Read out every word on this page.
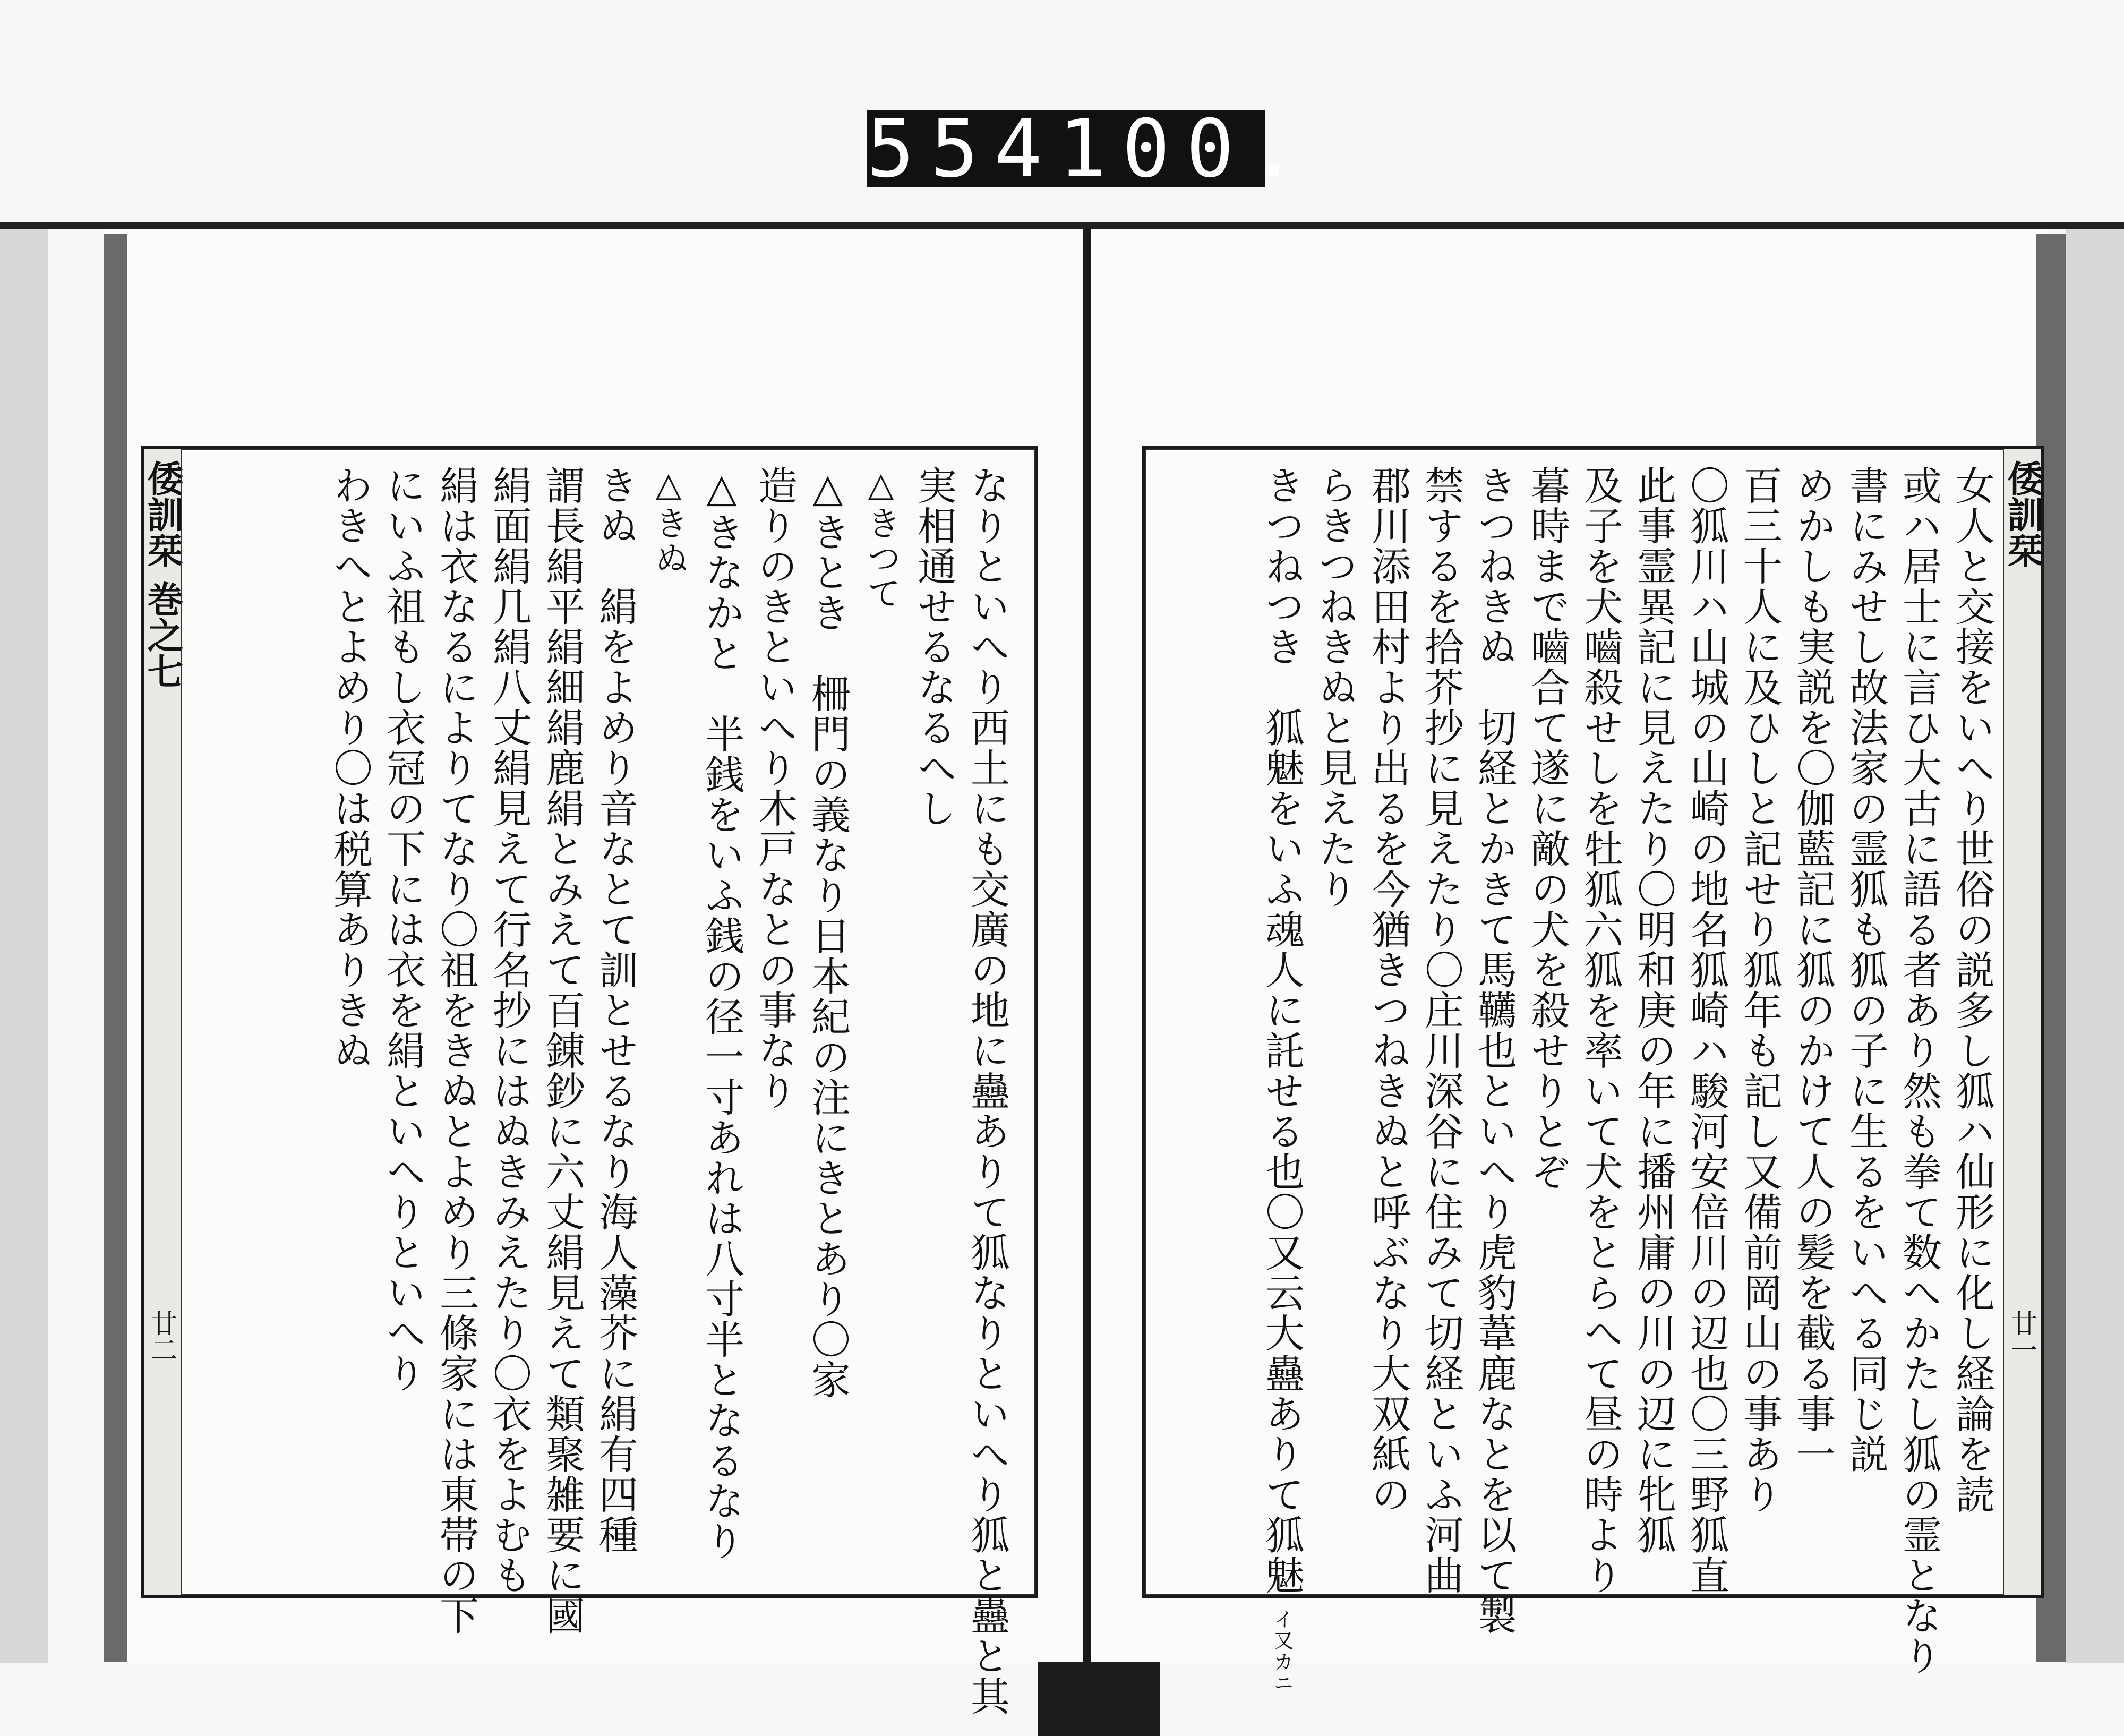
554 100.
倭訓栞 巻之七
廿二	なりといへり西土にも交廣の地に蠱ありて狐なりといへり狐と蠱と其
実相通せるなるへし
△きつて
△きとき　柵門の義なり日本紀の注にきとあり〇家
造りのきといへり木戸なとの事なり
△きなかと　半銭をいふ銭の径一寸あれは八寸半となるなり
△きぬ
きぬ　絹をよめり音なとて訓とせるなり海人藻芥に絹有四種
謂長絹平絹細絹鹿絹とみえて百錬鈔に六丈絹見えて類聚雑要に國
絹面絹几絹八丈絹見えて行名抄にはぬきみえたり〇衣をよむも
絹は衣なるによりてなり〇祖をきぬとよめり三條家には東帯の下
にいふ祖もし衣冠の下には衣を絹といへりといへり
わきへとよめり〇は税算ありきぬ	倭訓栞
廿一
女人と交接をいへり世俗の説多し狐ハ仙形に化し経論を読
或ハ居士に言ひ大古に語る者あり然も拳て数へかたし狐の霊となり
書にみせし故法家の霊狐も狐の子に生るをいへる同じ説
めかしも実説を〇伽藍記に狐のかけて人の髪を截る事一
百三十人に及ひしと記せり狐年も記し又備前岡山の事あり
〇狐川ハ山城の山崎の地名狐崎ハ駿河安倍川の辺也〇三野狐直
此事霊異記に見えたり〇明和庚の年に播州庸の川の辺に牝狐
及子を犬嚙殺せしを牡狐六狐を率いて犬をとらへて昼の時より
暮時まで嚙合て遂に敵の犬を殺せりとぞ
きつねきぬ　切経とかきて馬韉也といへり虎豹葦鹿なとを以て製
禁するを拾芥抄に見えたり〇庄川深谷に住みて切経といふ河曲
郡川添田村より出るを今猶きつねきぬと呼ぶなり大双紙の
らきつねきぬと見えたり
きつねつき　狐魅をいふ魂人に託せる也〇又云大蠱ありて狐魅 イ又カニ
